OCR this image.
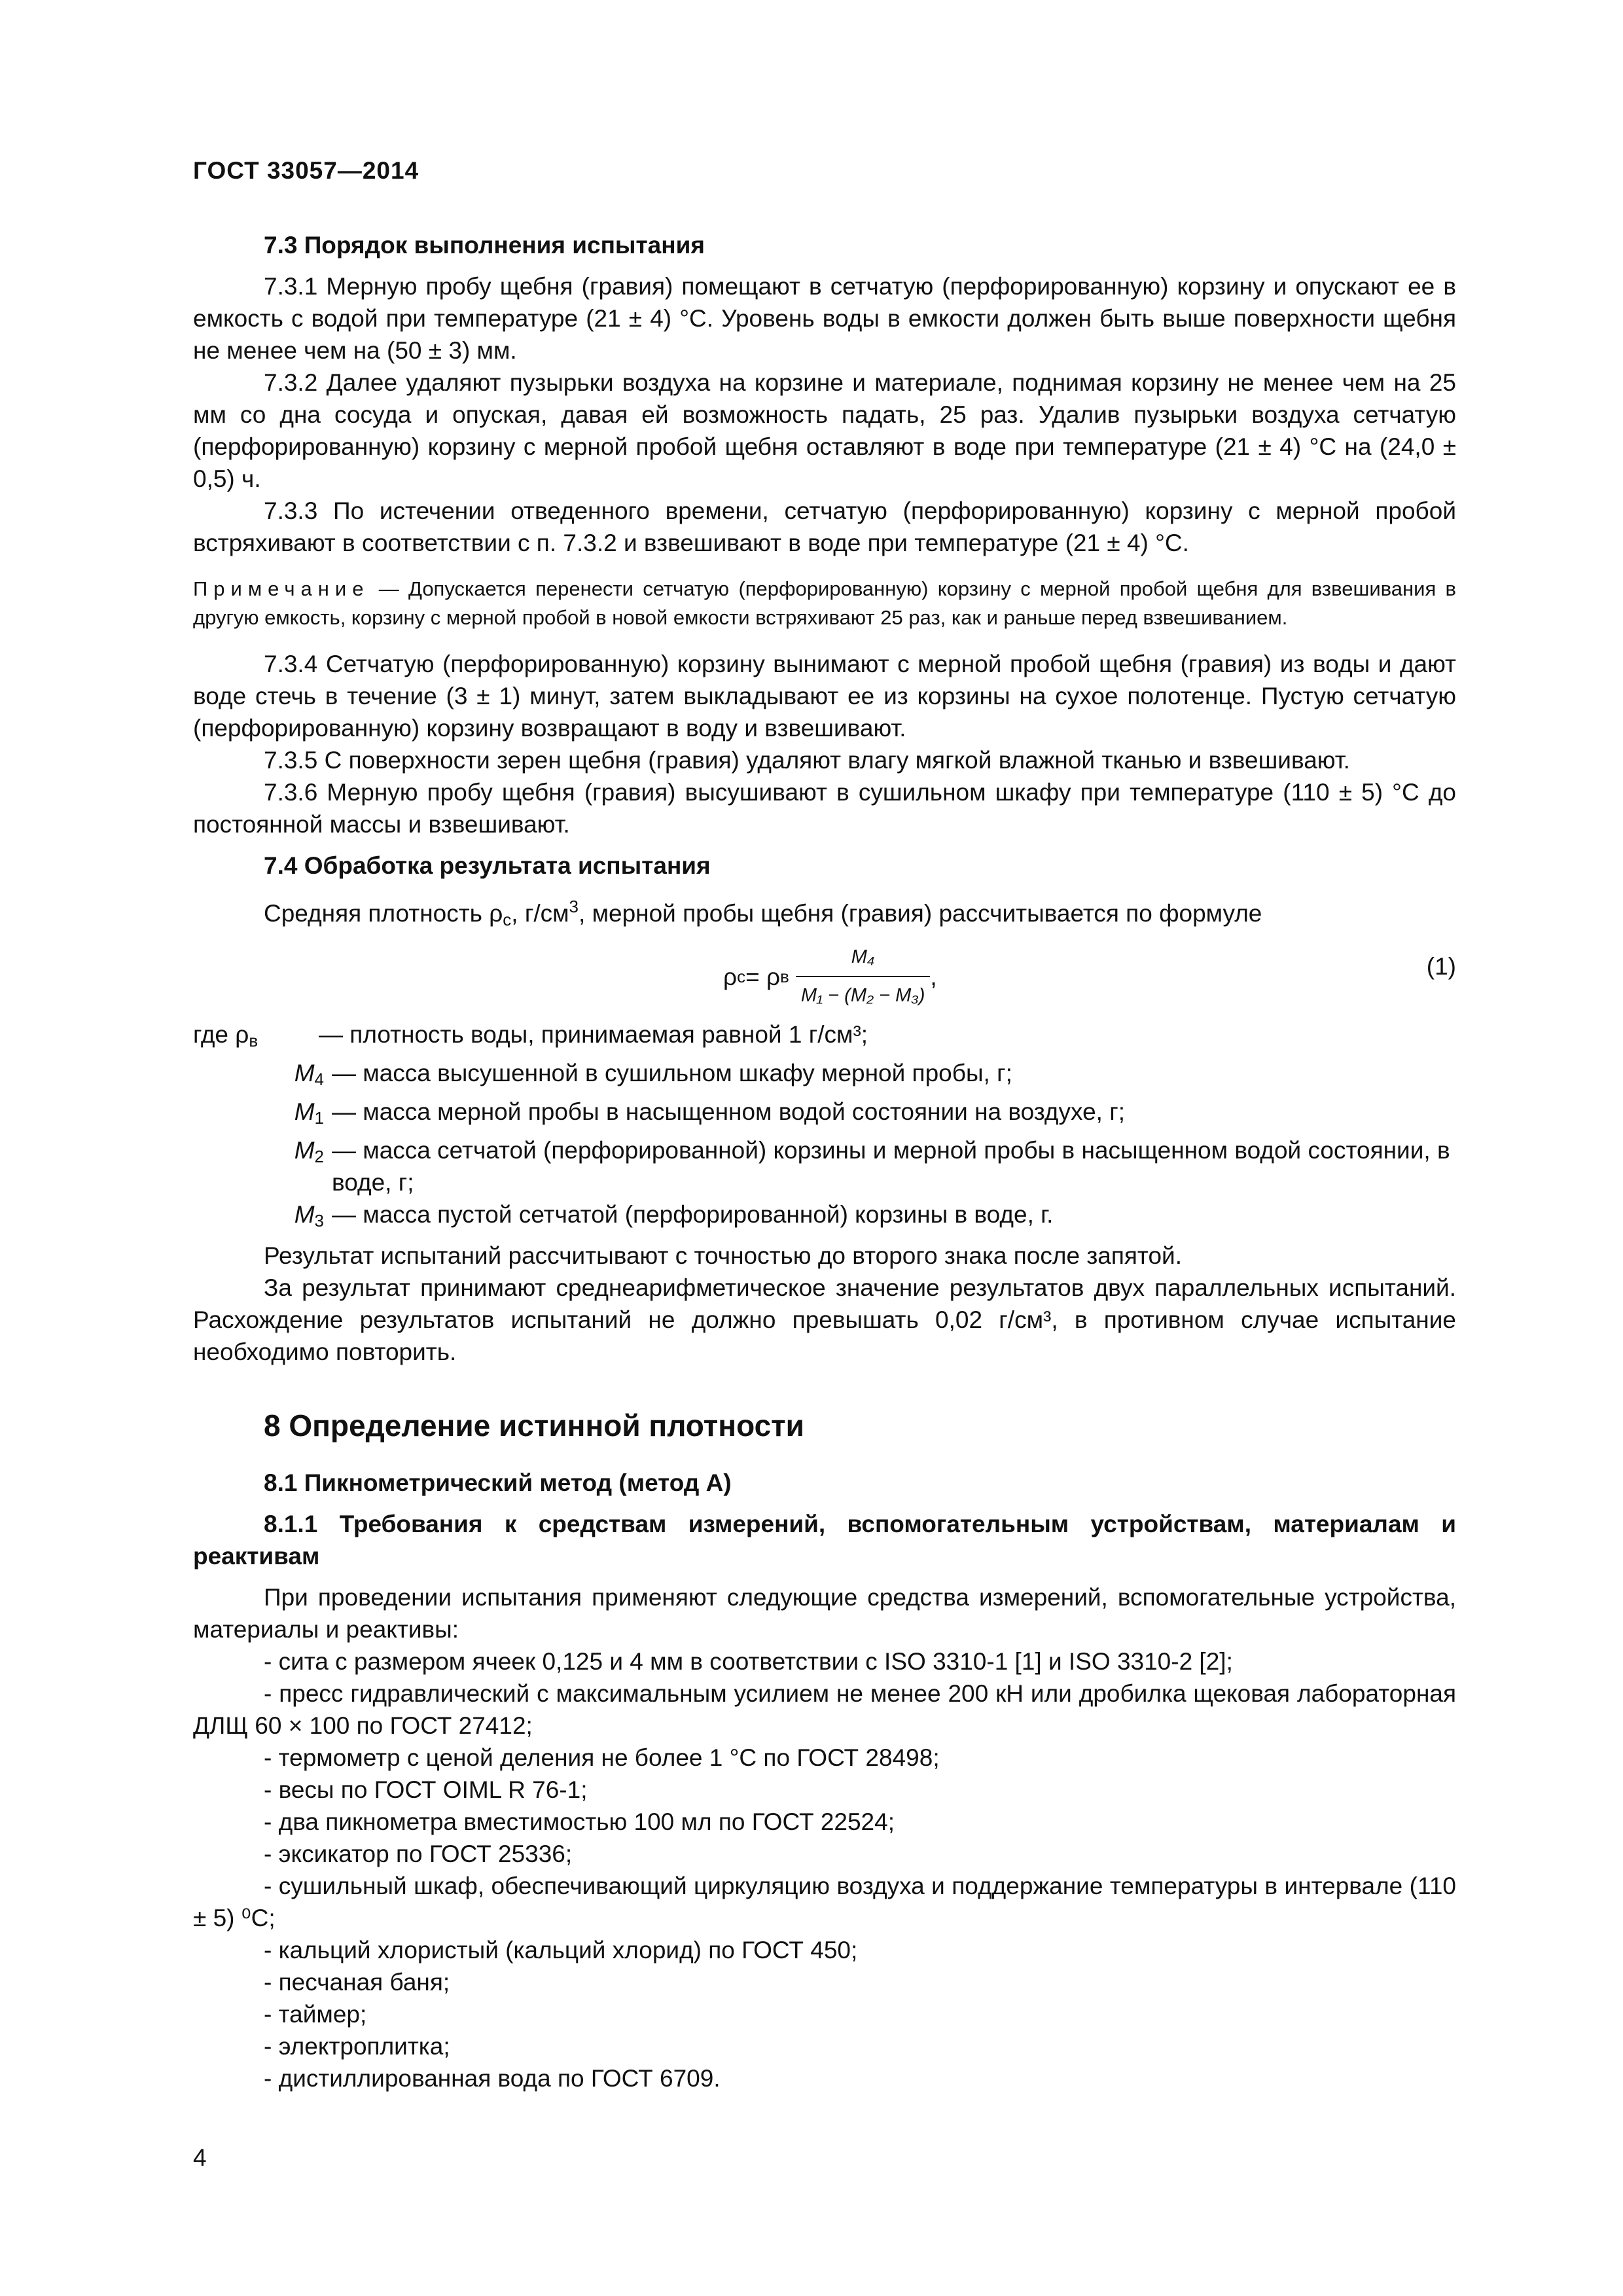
ГОСТ 33057—2014
7.3 Порядок выполнения испытания

7.3.1 Мерную пробу щебня (гравия) помещают в сетчатую (перфорированную) корзину и опускают ее в емкость с водой при температуре (21 ± 4) °С. Уровень воды в емкости должен быть выше поверхности щебня не менее чем на (50 ± 3) мм.

7.3.2 Далее удаляют пузырьки воздуха на корзине и материале, поднимая корзину не менее чем на 25 мм со дна сосуда и опуская, давая ей возможность падать, 25 раз. Удалив пузырьки воздуха сетчатую (перфорированную) корзину с мерной пробой щебня оставляют в воде при температуре (21 ± 4) °С на (24,0 ± 0,5) ч.

7.3.3 По истечении отведенного времени, сетчатую (перфорированную) корзину с мерной пробой встряхивают в соответствии с п. 7.3.2 и взвешивают в воде при температуре (21 ± 4) °С.

Примечание — Допускается перенести сетчатую (перфорированную) корзину с мерной пробой щебня для взвешивания в другую емкость, корзину с мерной пробой в новой емкости встряхивают 25 раз, как и раньше перед взвешиванием.

7.3.4 Сетчатую (перфорированную) корзину вынимают с мерной пробой щебня (гравия) из воды и дают воде стечь в течение (3 ± 1) минут, затем выкладывают ее из корзины на сухое полотенце. Пустую сетчатую (перфорированную) корзину возвращают в воду и взвешивают.

7.3.5 С поверхности зерен щебня (гравия) удаляют влагу мягкой влажной тканью и взвешивают.

7.3.6 Мерную пробу щебня (гравия) высушивают в сушильном шкафу при температуре (110 ± 5) °С до постоянной массы и взвешивают.

7.4 Обработка результата испытания

Средняя плотность $\rho_с$, $г/см^3$, мерной пробы щебня (гравия) рассчитывается по формуле

ρ с = ρ в $\frac{\text{M₄}}{\text{M₁ − (M₂ − M₃)}}$ ,	(1)
где $\rho_в$	— плотность воды, принимаемая равной 1 г/см³;
$M_4$ — масса высушенной в сушильном шкафу мерной пробы, г;
$M_1$ — масса мерной пробы в насыщенном водой состоянии на воздухе, г;
$M_2$ — масса сетчатой (перфорированной) корзины и мерной пробы в насыщенном водой состоянии, в воде, г;
$M_3$ — масса пустой сетчатой (перфорированной) корзины в воде, г.

Результат испытаний рассчитывают с точностью до второго знака после запятой.

За результат принимают среднеарифметическое значение результатов двух параллельных испытаний. Расхождение результатов испытаний не должно превышать 0,02 г/см³, в противном случае испытание необходимо повторить.

8 Определение истинной плотности
8.1 Пикнометрический метод (метод А)
8.1.1 Требования к средствам измерений, вспомогательным устройствам, материалам и реактивам

При проведении испытания применяют следующие средства измерений, вспомогательные устройства, материалы и реактивы:

- сита с размером ячеек 0,125 и 4 мм в соответствии с ISO 3310-1 [1] и ISO 3310-2 [2];

- пресс гидравлический с максимальным усилием не менее 200 кН или дробилка щековая лабораторная ДЛЩ 60 × 100 по ГОСТ 27412;

- термометр с ценой деления не более 1 °С по ГОСТ 28498;

- весы по ГОСТ OIML R 76-1;

- два пикнометра вместимостью 100 мл по ГОСТ 22524;

- эксикатор по ГОСТ 25336;

- сушильный шкаф, обеспечивающий циркуляцию воздуха и поддержание температуры в интервале (110 ± 5) ⁰С;

- кальций хлористый (кальций хлорид) по ГОСТ 450;

- песчаная баня;

- таймер;

- электроплитка;

- дистиллированная вода по ГОСТ 6709.

4
